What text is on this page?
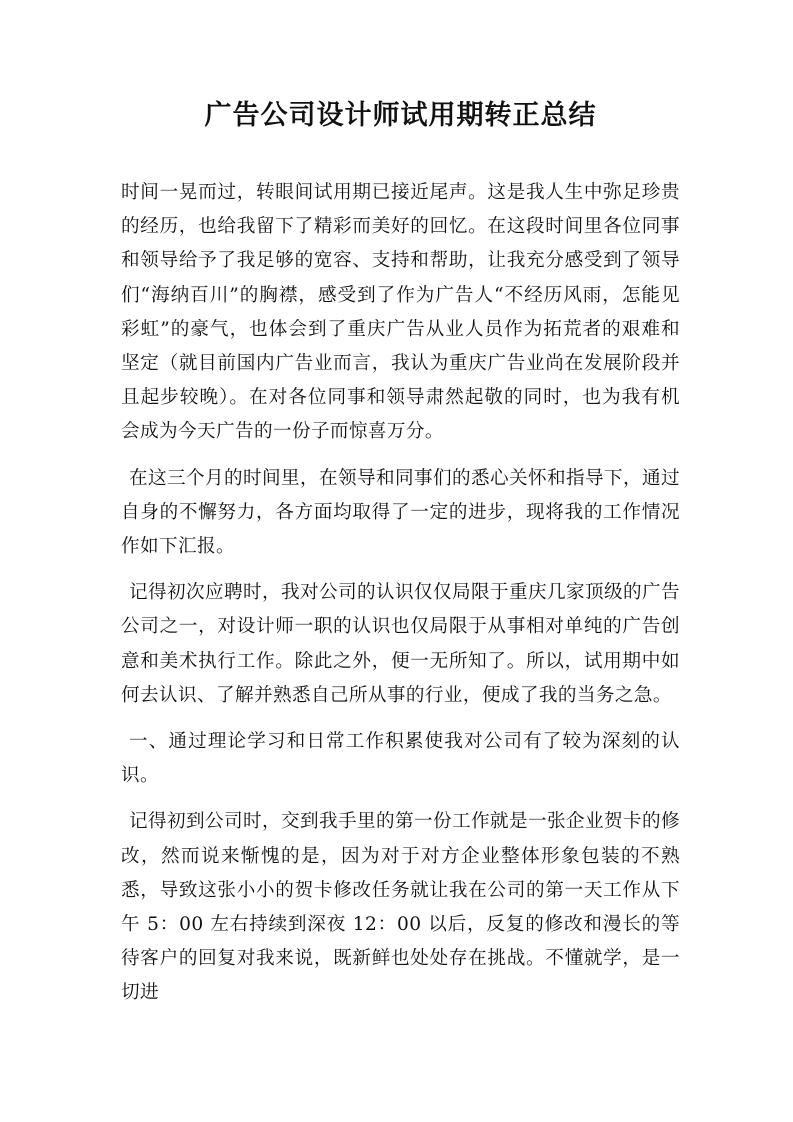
广告公司设计师试用期转正总结

时间一晃而过，转眼间试用期已接近尾声。这是我人生中弥足珍贵的经历，也给我留下了精彩而美好的回忆。在这段时间里各位同事和领导给予了我足够的宽容、支持和帮助，让我充分感受到了领导们“海纳百川”的胸襟，感受到了作为广告人“不经历风雨，怎能见彩虹”的豪气，也体会到了重庆广告从业人员作为拓荒者的艰难和坚定（就目前国内广告业而言，我认为重庆广告业尚在发展阶段并且起步较晚）。在对各位同事和领导肃然起敬的同时，也为我有机会成为今天广告的一份子而惊喜万分。

在这三个月的时间里，在领导和同事们的悉心关怀和指导下，通过自身的不懈努力，各方面均取得了一定的进步，现将我的工作情况作如下汇报。

记得初次应聘时，我对公司的认识仅仅局限于重庆几家顶级的广告公司之一，对设计师一职的认识也仅局限于从事相对单纯的广告创意和美术执行工作。除此之外，便一无所知了。所以，试用期中如何去认识、了解并熟悉自己所从事的行业，便成了我的当务之急。

一、通过理论学习和日常工作积累使我对公司有了较为深刻的认识。

记得初到公司时，交到我手里的第一份工作就是一张企业贺卡的修改，然而说来惭愧的是，因为对于对方企业整体形象包装的不熟悉，导致这张小小的贺卡修改任务就让我在公司的第一天工作从下午 5：00 左右持续到深夜 12：00 以后，反复的修改和漫长的等待客户的回复对我来说，既新鲜也处处存在挑战。不懂就学，是一切进
